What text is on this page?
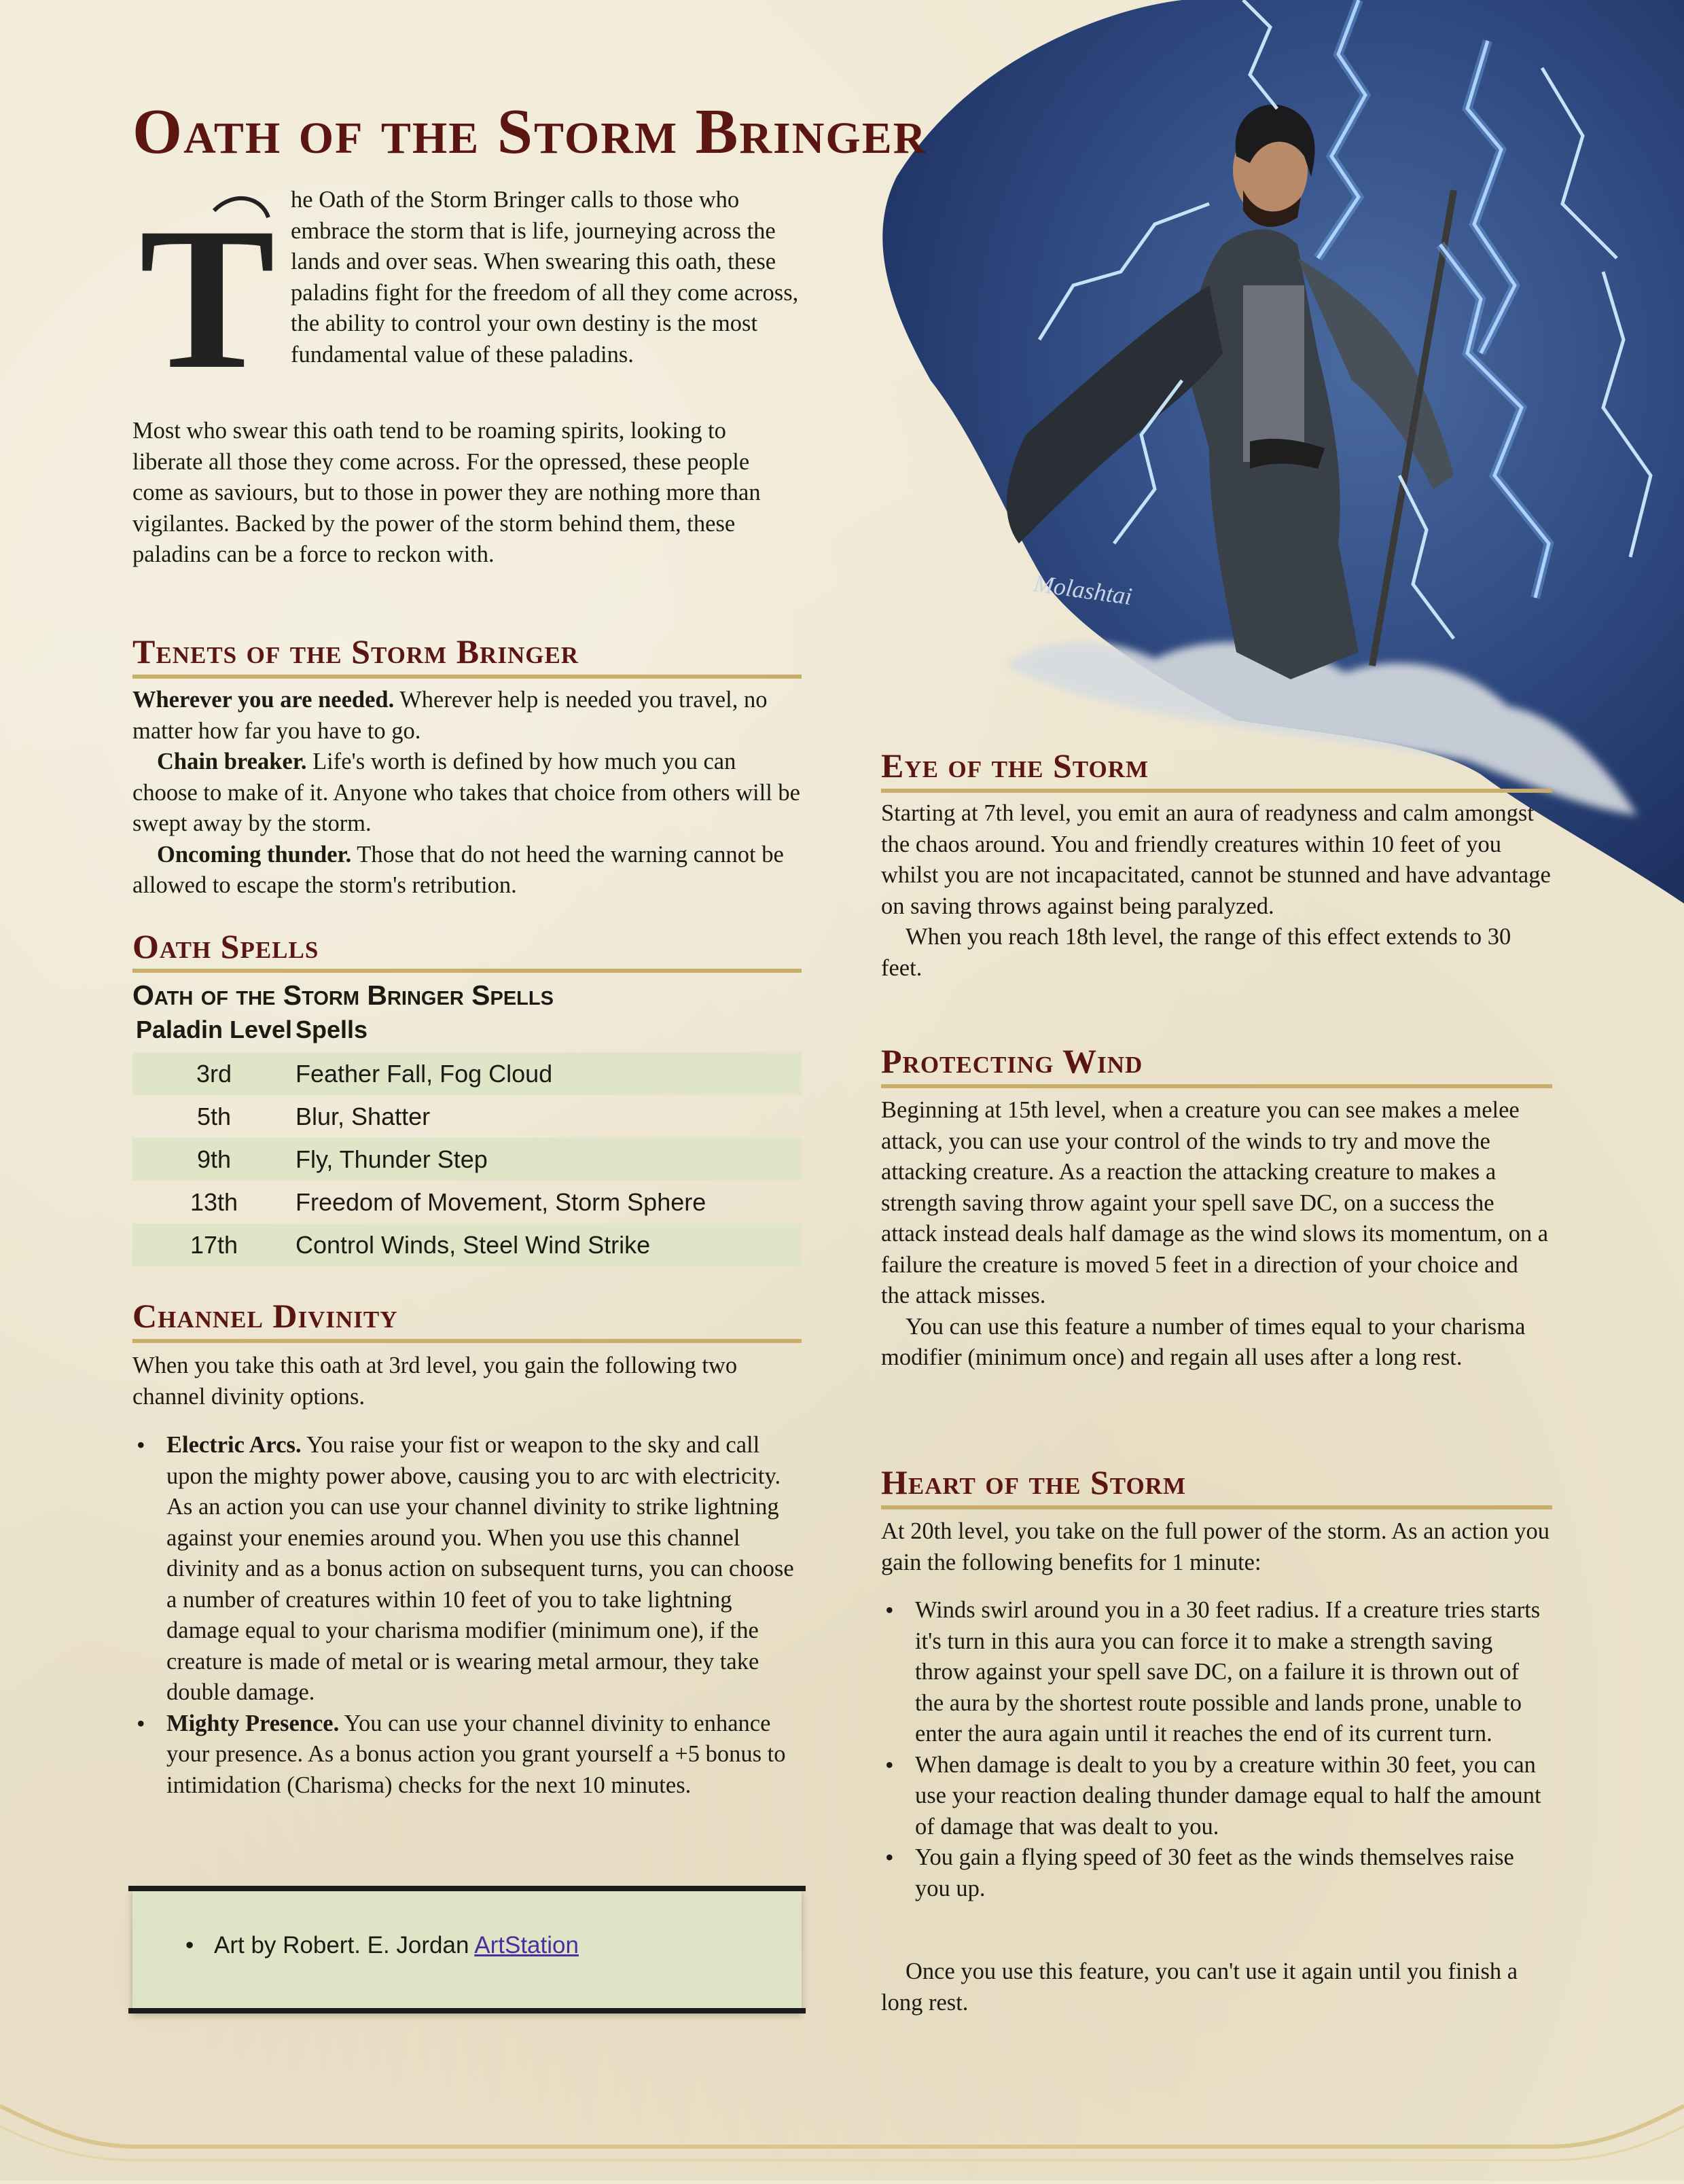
Molashtai
Oath of the Storm Bringer
T he Oath of the Storm Bringer calls to those who embrace the storm that is life, journeying across the lands and over seas. When swearing this oath, these paladins fight for the freedom of all they come across, the ability to control your own destiny is the most fundamental value of these paladins.

Most who swear this oath tend to be roaming spirits, looking to liberate all those they come across. For the opressed, these people come as saviours, but to those in power they are nothing more than vigilantes. Backed by the power of the storm behind them, these paladins can be a force to reckon with.

Tenets of the Storm Bringer

Wherever you are needed. Wherever help is needed you travel, no matter how far you have to go.

Chain breaker. Life's worth is defined by how much you can choose to make of it. Anyone who takes that choice from others will be swept away by the storm.

Oncoming thunder. Those that do not heed the warning cannot be allowed to escape the storm's retribution.

Oath Spells
Oath of the Storm Bringer Spells
Paladin Level	Spells
3rd	Feather Fall, Fog Cloud
5th	Blur, Shatter
9th	Fly, Thunder Step
13th	Freedom of Movement, Storm Sphere
17th	Control Winds, Steel Wind Strike
Channel Divinity

When you take this oath at 3rd level, you gain the following two channel divinity options.

• Electric Arcs. You raise your fist or weapon to the sky and call upon the mighty power above, causing you to arc with electricity. As an action you can use your channel divinity to strike lightning against your enemies around you. When you use this channel divinity and as a bonus action on subsequent turns, you can choose a number of creatures within 10 feet of you to take lightning damage equal to your charisma modifier (minimum one), if the creature is made of metal or is wearing metal armour, they take double damage.
• Mighty Presence. You can use your channel divinity to enhance your presence. As a bonus action you grant yourself a +5 bonus to intimidation (Charisma) checks for the next 10 minutes.
• Art by Robert. E. Jordan ArtStation
Eye of the Storm

Starting at 7th level, you emit an aura of readyness and calm amongst the chaos around. You and friendly creatures within 10 feet of you whilst you are not incapacitated, cannot be stunned and have advantage on saving throws against being paralyzed.

When you reach 18th level, the range of this effect extends to 30 feet.

Protecting Wind

Beginning at 15th level, when a creature you can see makes a melee attack, you can use your control of the winds to try and move the attacking creature. As a reaction the attacking creature to makes a strength saving throw againt your spell save DC, on a success the attack instead deals half damage as the wind slows its momentum, on a failure the creature is moved 5 feet in a direction of your choice and the attack misses.

You can use this feature a number of times equal to your charisma modifier (minimum once) and regain all uses after a long rest.

Heart of the Storm

At 20th level, you take on the full power of the storm. As an action you gain the following benefits for 1 minute:

• Winds swirl around you in a 30 feet radius. If a creature tries starts it's turn in this aura you can force it to make a strength saving throw against your spell save DC, on a failure it is thrown out of the aura by the shortest route possible and lands prone, unable to enter the aura again until it reaches the end of its current turn.
• When damage is dealt to you by a creature within 30 feet, you can use your reaction dealing thunder damage equal to half the amount of damage that was dealt to you.
• You gain a flying speed of 30 feet as the winds themselves raise you up.

Once you use this feature, you can't use it again until you finish a long rest.
